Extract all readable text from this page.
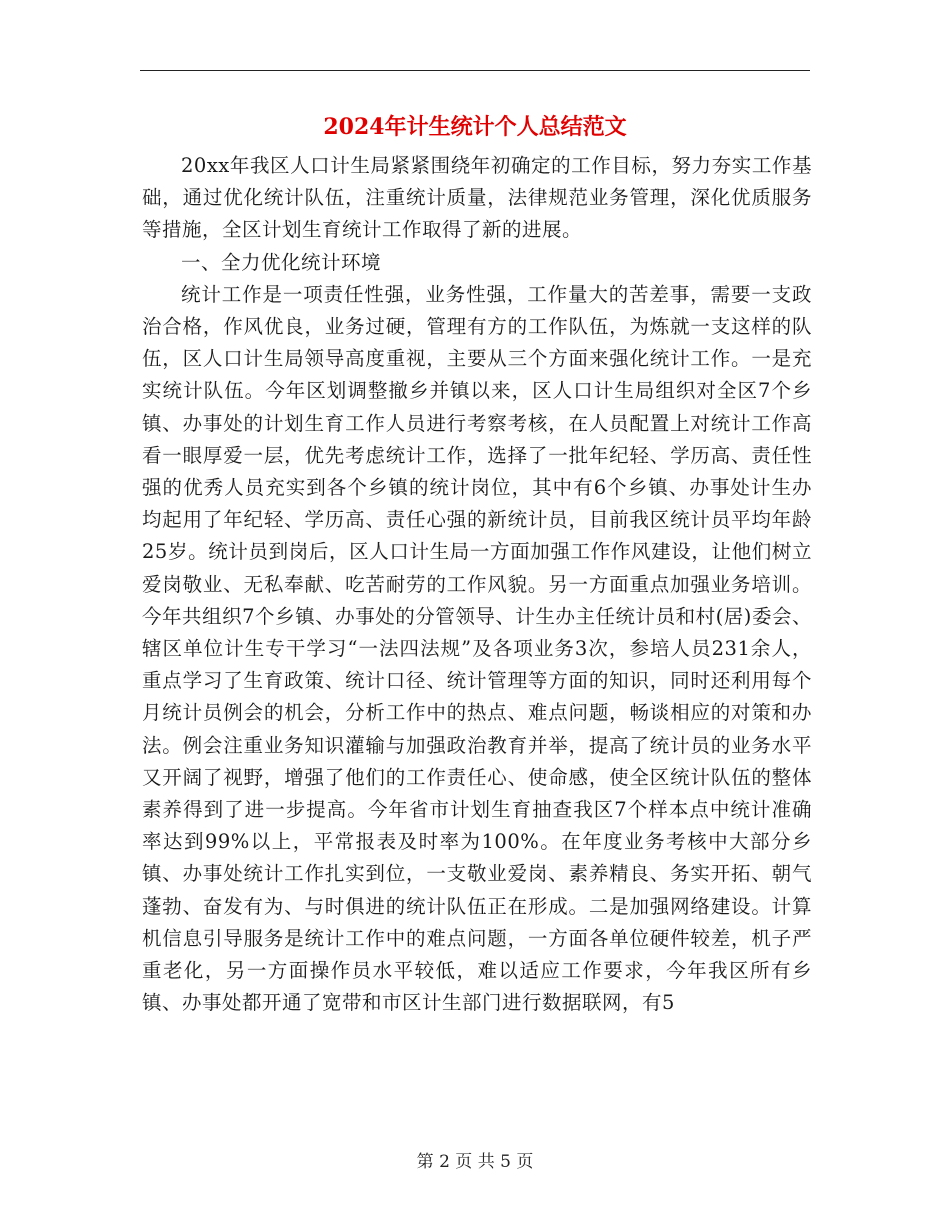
2024年计生统计个人总结范文

20xx年我区人口计生局紧紧围绕年初确定的工作目标，努力夯实工作基础，通过优化统计队伍，注重统计质量，法律规范业务管理，深化优质服务等措施，全区计划生育统计工作取得了新的进展。

一、全力优化统计环境

统计工作是一项责任性强，业务性强，工作量大的苦差事，需要一支政治合格，作风优良，业务过硬，管理有方的工作队伍，为炼就一支这样的队伍，区人口计生局领导高度重视，主要从三个方面来强化统计工作。一是充实统计队伍。今年区划调整撤乡并镇以来，区人口计生局组织对全区7个乡镇、办事处的计划生育工作人员进行考察考核，在人员配置上对统计工作高看一眼厚爱一层，优先考虑统计工作，选择了一批年纪轻、学历高、责任性强的优秀人员充实到各个乡镇的统计岗位，其中有6个乡镇、办事处计生办均起用了年纪轻、学历高、责任心强的新统计员，目前我区统计员平均年龄25岁。统计员到岗后，区人口计生局一方面加强工作作风建设，让他们树立爱岗敬业、无私奉献、吃苦耐劳的工作风貌。另一方面重点加强业务培训。今年共组织7个乡镇、办事处的分管领导、计生办主任统计员和村(居)委会、辖区单位计生专干学习“一法四法规”及各项业务3次，参培人员231余人，重点学习了生育政策、统计口径、统计管理等方面的知识，同时还利用每个月统计员例会的机会，分析工作中的热点、难点问题，畅谈相应的对策和办法。例会注重业务知识灌输与加强政治教育并举，提高了统计员的业务水平又开阔了视野，增强了他们的工作责任心、使命感，使全区统计队伍的整体素养得到了进一步提高。今年省市计划生育抽查我区7个样本点中统计准确率达到99%以上，平常报表及时率为100%。在年度业务考核中大部分乡镇、办事处统计工作扎实到位，一支敬业爱岗、素养精良、务实开拓、朝气蓬勃、奋发有为、与时俱进的统计队伍正在形成。二是加强网络建设。计算机信息引导服务是统计工作中的难点问题，一方面各单位硬件较差，机子严重老化，另一方面操作员水平较低，难以适应工作要求，今年我区所有乡镇、办事处都开通了宽带和市区计生部门进行数据联网，有5

第 2 页 共 5 页
